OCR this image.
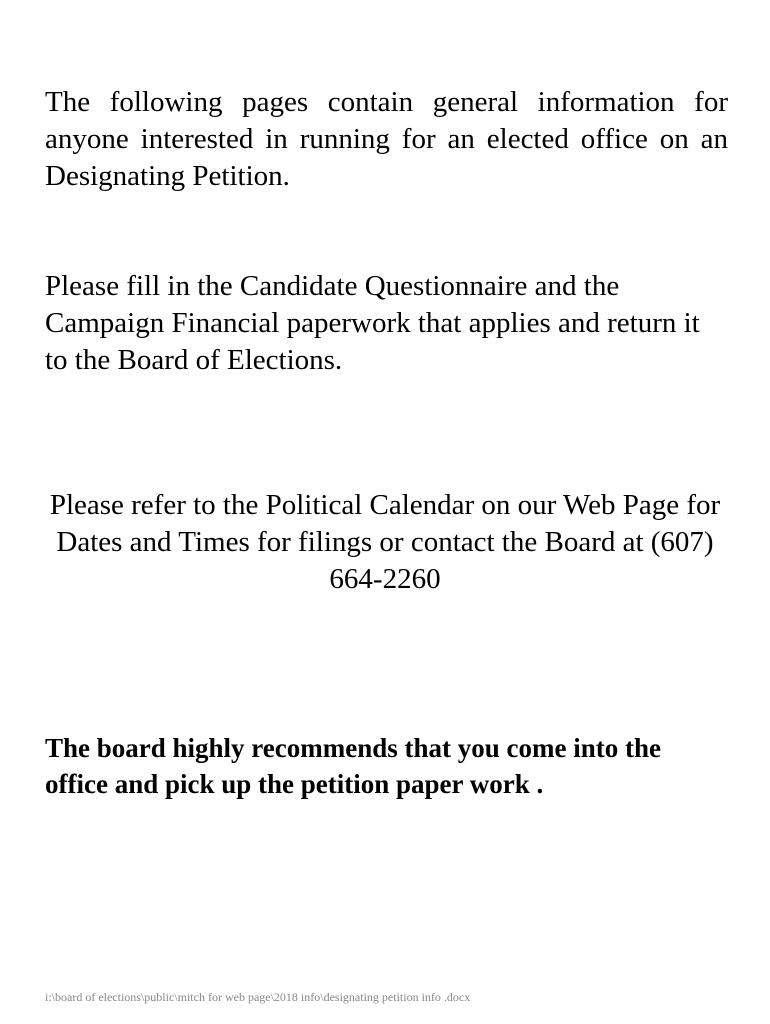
The following pages contain general information for anyone interested in running for an elected office on an Designating Petition.

Please fill in the Candidate Questionnaire and the Campaign Financial paperwork that applies and return it to the Board of Elections.

Please refer to the Political Calendar on our Web Page for Dates and Times for filings or contact the Board at (607) 664-2260

The board highly recommends that you come into the office and pick up the petition paper work .

i:\board of elections\public\mitch for web page\2018 info\designating petition info .docx
